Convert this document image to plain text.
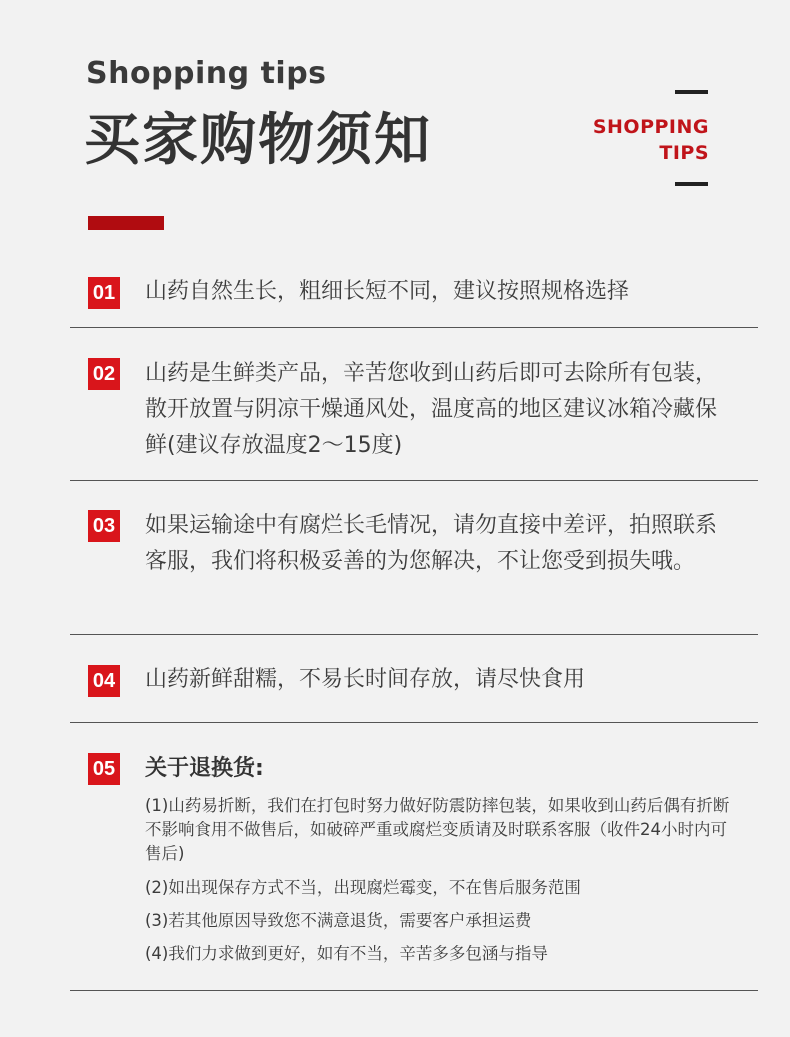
Shopping tips
买家购物须知	SHOPPING
TIPS
01 山药自然生长，粗细长短不同，建议按照规格选择
02 山药是生鲜类产品，辛苦您收到山药后即可去除所有包装，散开放置与阴凉干燥通风处，温度高的地区建议冰箱冷藏保鲜(建议存放温度2～15度)
03 如果运输途中有腐烂长毛情况，请勿直接中差评，拍照联系客服，我们将积极妥善的为您解决，不让您受到损失哦。
04 山药新鲜甜糯，不易长时间存放，请尽快食用
05 关于退换货:
(1)山药易折断，我们在打包时努力做好防震防摔包装，如果收到山药后偶有折断不影响食用不做售后，如破碎严重或腐烂变质请及时联系客服（收件24小时内可售后)
(2)如出现保存方式不当，出现腐烂霉变，不在售后服务范围
(3)若其他原因导致您不满意退货，需要客户承担运费
(4)我们力求做到更好，如有不当，辛苦多多包涵与指导
